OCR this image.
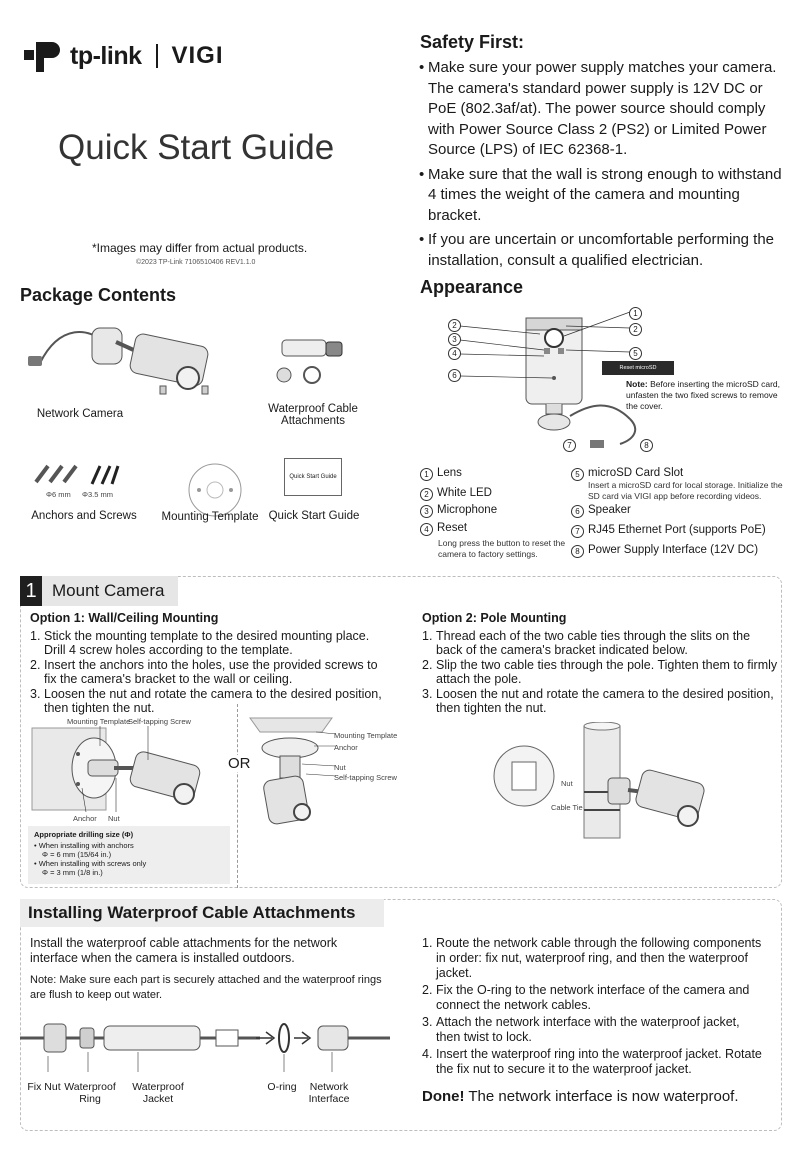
tp-link VIGI
Quick Start Guide
*Images may differ from actual products.
©2023 TP-Link 7106510406 REV1.1.0
Safety First:
• Make sure your power supply matches your camera. The camera's standard power supply is 12V DC or PoE (802.3af/at). The power source should comply with Power Source Class 2 (PS2) or Limited Power Source (LPS) of IEC 62368-1.
• Make sure that the wall is strong enough to withstand 4 times the weight of the camera and mounting bracket.
• If you are uncertain or uncomfortable performing the installation, consult a qualified electrician.
Package Contents
Network Camera	Waterproof Cable Attachments
Φ6 mm Φ3.5 mm
Anchors and Screws	Mounting Template
Quick Start Guide
Quick Start Guide
Appearance
1
2	2
3
4	5
6
7	8
Reset microSD
Note: Before inserting the microSD card, unfasten the two fixed screws to remove the cover.
1 Lens
2 White LED
3 Microphone
4 Reset
Long press the button to reset the camera to factory settings.
5 microSD Card Slot
Insert a microSD card for local storage. Initialize the SD card via VIGI app before recording videos.
6 Speaker
7 RJ45 Ethernet Port (supports PoE)
8 Power Supply Interface (12V DC)
1 Mount Camera
Option 1: Wall/Ceiling Mounting
1. Stick the mounting template to the desired mounting place. Drill 4 screw holes according to the template.
2. Insert the anchors into the holes, use the provided screws to fix the camera's bracket to the wall or ceiling.
3. Loosen the nut and rotate the camera to the desired position, then tighten the nut.
Mounting Template
Self-tapping Screw
Anchor Nut
OR
Mounting Template
Anchor
Nut
Self-tapping Screw
Appropriate drilling size (Φ)
• When installing with anchors
Φ = 6 mm (15/64 in.)
• When installing with screws only
Φ = 3 mm (1/8 in.)
Option 2: Pole Mounting
1. Thread each of the two cable ties through the slits on the back of the camera's bracket indicated below.
2. Slip the two cable ties through the pole. Tighten them to firmly attach the pole.
3. Loosen the nut and rotate the camera to the desired position, then tighten the nut.
Nut
Cable Tie
Installing Waterproof Cable Attachments
Install the waterproof cable attachments for the network interface when the camera is installed outdoors.
Note: Make sure each part is securely attached and the waterproof rings are flush to keep out water.
Fix Nut Waterproof
Ring
Waterproof
Jacket
O-ring	Network
Interface
1. Route the network cable through the following components in order: fix nut, waterproof ring, and then the waterproof jacket.
2. Fix the O-ring to the network interface of the camera and connect the network cables.
3. Attach the network interface with the waterproof jacket, then twist to lock.
4. Insert the waterproof ring into the waterproof jacket. Rotate the fix nut to secure it to the waterproof jacket.
Done! The network interface is now waterproof.
